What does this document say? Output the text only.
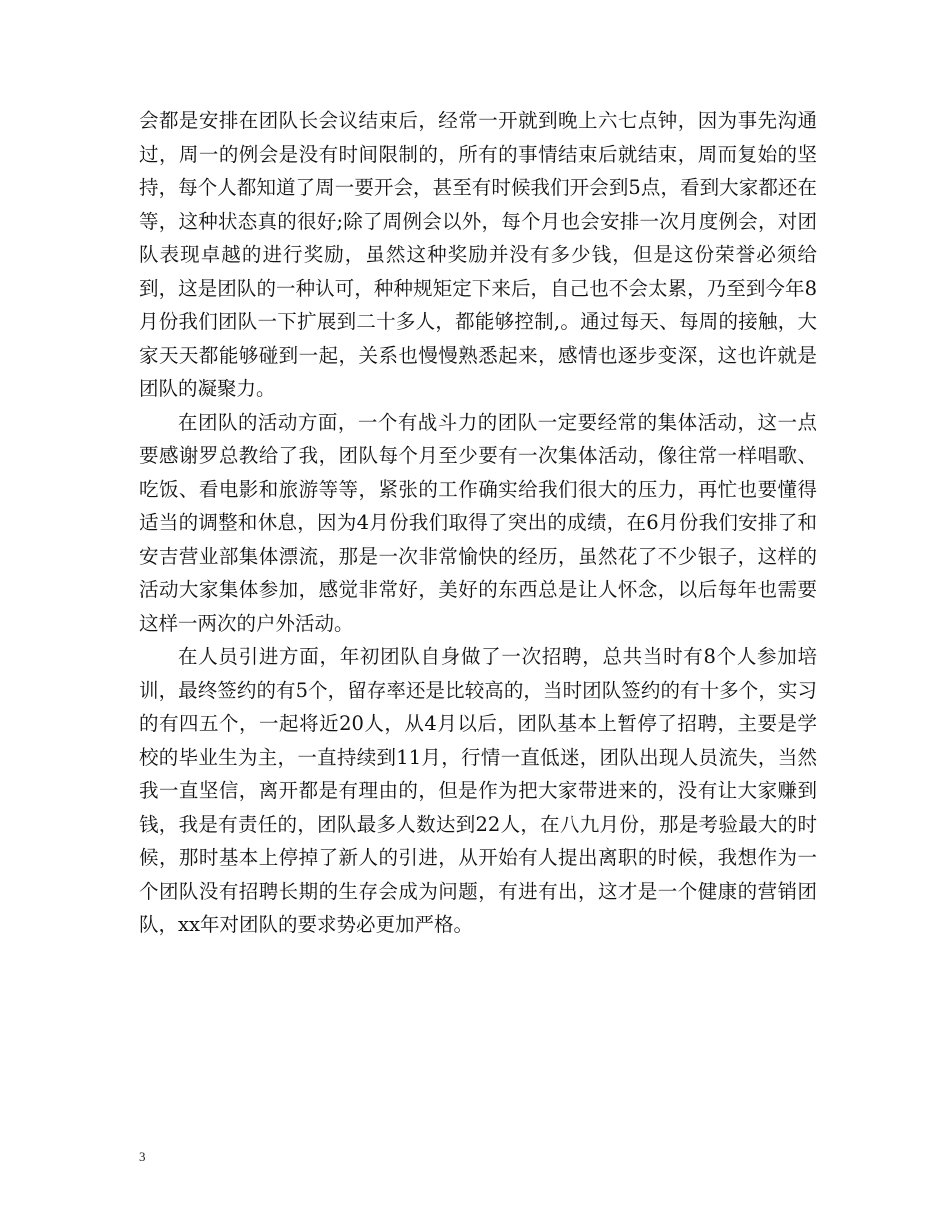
会都是安排在团队长会议结束后，经常一开就到晚上六七点钟，因为事先沟通过，周一的例会是没有时间限制的，所有的事情结束后就结束，周而复始的坚持，每个人都知道了周一要开会，甚至有时候我们开会到5点，看到大家都还在等，这种状态真的很好;除了周例会以外，每个月也会安排一次月度例会，对团队表现卓越的进行奖励，虽然这种奖励并没有多少钱，但是这份荣誉必须给到，这是团队的一种认可，种种规矩定下来后，自己也不会太累，乃至到今年8月份我们团队一下扩展到二十多人，都能够控制,。通过每天、每周的接触，大家天天都能够碰到一起，关系也慢慢熟悉起来，感情也逐步变深，这也许就是团队的凝聚力。

在团队的活动方面，一个有战斗力的团队一定要经常的集体活动，这一点要感谢罗总教给了我，团队每个月至少要有一次集体活动，像往常一样唱歌、吃饭、看电影和旅游等等，紧张的工作确实给我们很大的压力，再忙也要懂得适当的调整和休息，因为4月份我们取得了突出的成绩，在6月份我们安排了和安吉营业部集体漂流，那是一次非常愉快的经历，虽然花了不少银子，这样的活动大家集体参加，感觉非常好，美好的东西总是让人怀念，以后每年也需要这样一两次的户外活动。

在人员引进方面，年初团队自身做了一次招聘，总共当时有8个人参加培训，最终签约的有5个，留存率还是比较高的，当时团队签约的有十多个，实习的有四五个，一起将近20人，从4月以后，团队基本上暂停了招聘，主要是学校的毕业生为主，一直持续到11月，行情一直低迷，团队出现人员流失，当然我一直坚信，离开都是有理由的，但是作为把大家带进来的，没有让大家赚到钱，我是有责任的，团队最多人数达到22人，在八九月份，那是考验最大的时候，那时基本上停掉了新人的引进，从开始有人提出离职的时候，我想作为一个团队没有招聘长期的生存会成为问题，有进有出，这才是一个健康的营销团队，xx年对团队的要求势必更加严格。

3
